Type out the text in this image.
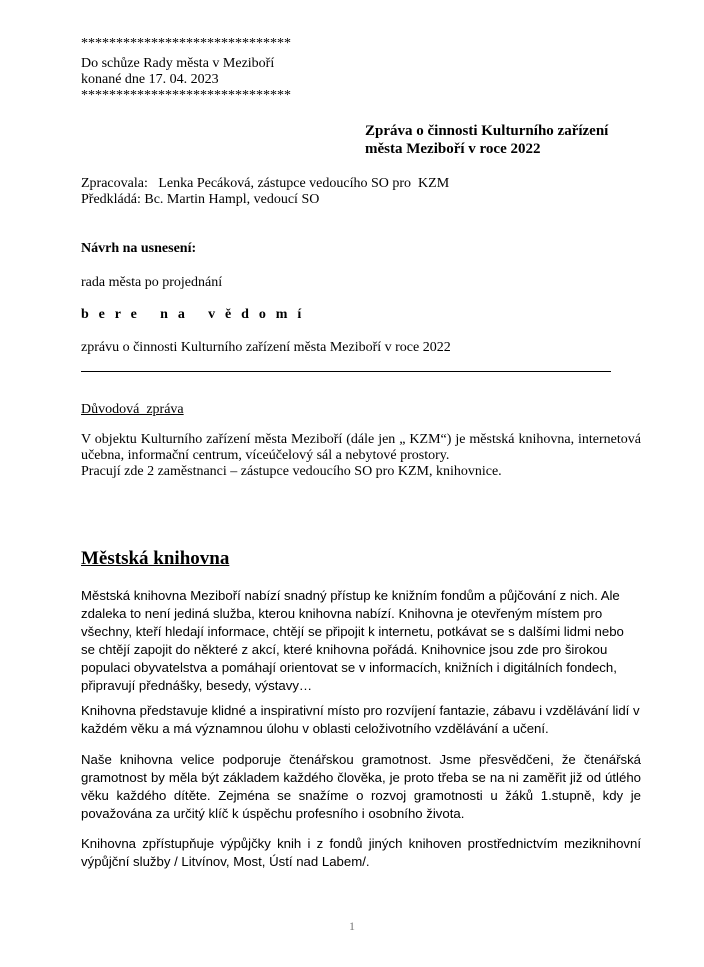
******************************
Do schůze Rady města v Meziboří
konané dne 17. 04. 2023
******************************
Zpráva o činnosti Kulturního zařízení
města Meziboří v roce 2022
Zpracovala:   Lenka Pecáková, zástupce vedoucího SO pro  KZM
Předkládá: Bc. Martin Hampl, vedoucí SO
Návrh na usnesení:
rada města po projednání
b e r e   n a   v ě d o m í
zprávu o činnosti Kulturního zařízení města Meziboří v roce 2022
Důvodová  zpráva
V objektu Kulturního zařízení města Meziboří (dále jen „ KZM“) je městská knihovna, internetová učebna, informační centrum, víceúčelový sál a nebytové prostory.
Pracují zde 2 zaměstnanci – zástupce vedoucího SO pro KZM, knihovnice.
Městská knihovna
Městská knihovna Meziboří nabízí snadný přístup ke knižním fondům a půjčování z nich. Ale zdaleka to není jediná služba, kterou knihovna nabízí. Knihovna je otevřeným místem pro všechny, kteří hledají informace, chtějí se připojit k internetu, potkávat se s dalšími lidmi nebo se chtějí zapojit do některé z akcí, které knihovna pořádá. Knihovnice jsou zde pro širokou populaci obyvatelstva a pomáhají orientovat se v informacích, knižních i digitálních fondech, připravují přednášky, besedy, výstavy…
Knihovna představuje klidné a inspirativní místo pro rozvíjení fantazie, zábavu i vzdělávání lidí v každém věku a má významnou úlohu v oblasti celoživotního vzdělávání a učení.
Naše knihovna velice podporuje čtenářskou gramotnost. Jsme přesvědčeni, že čtenářská gramotnost by měla být základem každého člověka, je proto třeba se na ni zaměřit již od útlého věku každého dítěte. Zejména se snažíme o rozvoj gramotnosti u žáků 1.stupně, kdy je považována za určitý klíč k úspěchu profesního i osobního života.
Knihovna zpřístupňuje výpůjčky knih i z fondů jiných knihoven prostřednictvím meziknihovní výpůjční služby / Litvínov, Most, Ústí nad Labem/.
1
